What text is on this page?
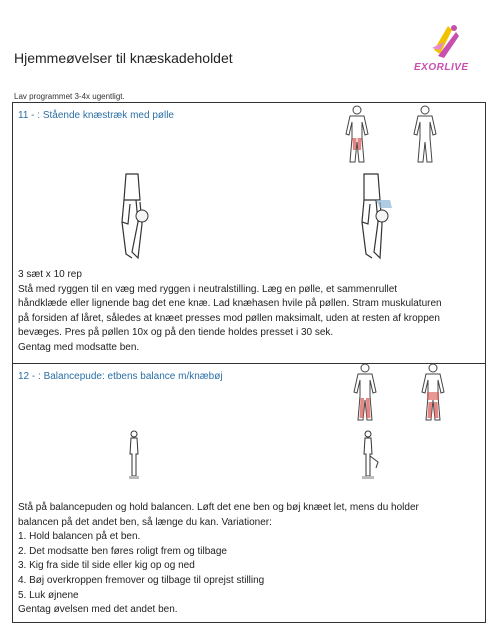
Hjemmeøvelser til knæskadeholdet
EXORLIVE
Lav programmet 3-4x ugentligt.
11 - : Stående knæstræk med pølle
3 sæt x 10 rep
Stå med ryggen til en væg med ryggen i neutralstilling. Læg en pølle, et sammenrullet
håndklæde eller lignende bag det ene knæ. Lad knæhasen hvile på pøllen. Stram muskulaturen
på forsiden af låret, således at knæet presses mod pøllen maksimalt, uden at resten af kroppen
bevæges. Pres på pøllen 10x og på den tiende holdes presset i 30 sek.
Gentag med modsatte ben.
12 - : Balancepude: etbens balance m/knæbøj
Stå på balancepuden og hold balancen. Løft det ene ben og bøj knæet let, mens du holder
balancen på det andet ben, så længe du kan. Variationer:
1. Hold balancen på et ben.
2. Det modsatte ben føres roligt frem og tilbage
3. Kig fra side til side eller kig op og ned
4. Bøj overkroppen fremover og tilbage til oprejst stilling
5. Luk øjnene
Gentag øvelsen med det andet ben.
